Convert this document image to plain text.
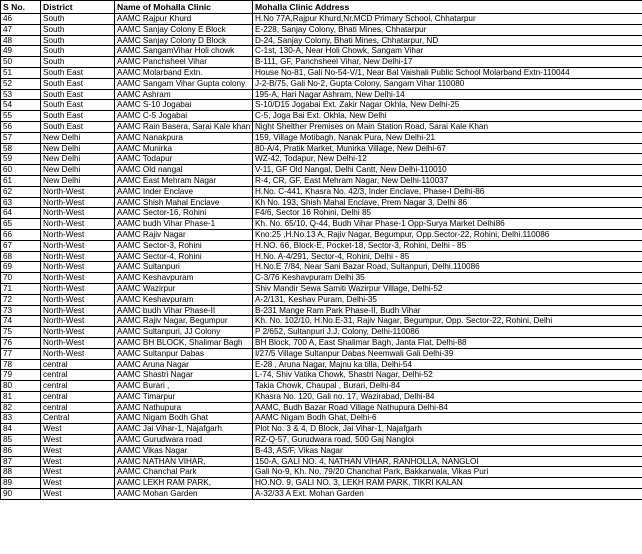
S No.	District	Name of Mohalla Clinic	Mohalla Clinic Address
46	South	AAMC Rajpur Khurd	H.No 77A,Rajpur Khurd,Nr.MCD Primary School, Chhatarpur
47	South	AAMC Sanjay Colony E Block	E-228, Sanjay Colony, Bhati Mines, Chhatarpur
48	South	AAMC Sanjay Colony D Block	D-24, Sanjay Colony, Bhati Mines, Chhatarpur, ND
49	South	AAMC SangamVihar Holi chowk	C-1st, 130-A, Near Holi Chowk, Sangam Vihar
50	South	AAMC Panchsheel Vihar	B-111, GF, Panchsheel Vihar, New Delhi-17
51	South East	AAMC Molarband Extn.	House No-81, Gali No-54-V/1, Near Bal Vaishali Public School Molarband Extn-110044
52	South East	AAMC Sangam Vihar Gupta colony	J-2-B/75, Gali No-2, Gupta Colony, Sangam Vihar 110080
53	South East	AAMC Ashram	195-A, Hari Nagar Ashram, New Delhi-14
54	South East	AAMC S-10 Jogabai	S-10/D15 Jogabai Ext. Zakir Nagar Okhla, New Delhi-25
55	South East	AAMC C-5 Jogabai	C-5, Joga Bai Ext. Okhla, New Delhi
56	South East	AAMC Rain Basera, Sarai Kale khan	Night Shelther Premises on Main Station Road, Sarai Kale Khan
57	New Delhi	AAMC Nanakpura	159, Village Motibagh, Nanak Pura, New Delhi-21
58	New Delhi	AAMC Munirka	80-A/4, Pratik Market, Munirka Village, New Delhi-67
59	New Delhi	AAMC Todapur	WZ-42, Todapur, New Delhi-12
60	New Delhi	AAMC Old nangal	V-11, GF Old Nangal, Delhi Cantt, New Delhi-110010
61	New Delhi	AAMC East Mehram Nagar	R-4, CR, GF, East Mehram Nagar, New Delhi-110037
62	North-West	AAMC Inder Enclave	H.No. C-441, Khasra No. 42/3, Inder Enclave, Phase-I Delhi-86
63	North-West	AAMC Shish Mahal Enclave	Kh No. 193, Shish Mahal Enclave, Prem Nagar 3, Delhi 86
64	North-West	AAMC Sector-16, Rohini	F4/6, Sector 16 Rohini, Delhi 85
65	North-West	AAMC budh Vihar Phase-1	Kh. No. 65/10, Q-44, Budh Vihar Phase-1 Opp-Surya Market Delhi86
66	North-West	AAMC Rajiv Nagar	Kno:25 ,H.No.13 A, Rajiv Nagar, Begumpur, Opp.Sector-22, Rohini, Delhi.110086
67	North-West	AAMC Sector-3, Rohini	H.NO. 66, Block-E, Pocket-18, Sector-3, Rohini, Delhi - 85
68	North-West	AAMC Sector-4, Rohini	H.No. A-4/291, Sector-4, Rohini, Delhi - 85
69	North-West	AAMC Sultanpuri	H.No.E 7/84, Near Sani Bazar Road, Sultanpuri, Delhi.110086
70	North-West	AAMC Keshavpuram	C-3/76 Keshavpuram Delhi 35
71	North-West	AAMC Wazirpur	Shiv Mandir Sewa Samiti Wazirpur Village, Delhi-52
72	North-West	AAMC Keshavpuram	A-2/131, Keshav Puram, Delhi-35
73	North-West	AAMC budh Vihar Phase-II	B-231 Mange Ram Park Phase-II, Budh Vihar
74	North-West	AAMC Rajiv Nagar, Begumpur	Kh. No. 102/10, H.No.E-31, Rajiv Nagar, Begumpur, Opp. Sector-22, Rohini, Delhi
75	North-West	AAMC Sultanpuri, JJ Colony	P 2/652, Sultanpuri J.J. Colony, Delhi-110086
76	North-West	AAMC BH BLOCK, Shalimar Bagh	BH Block, 700 A, East Shalimar Bagh, Janta Flat, Delhi-88
77	North-West	AAMC Sultanpur Dabas	I/27/5 Village Sultanpur Dabas Neemwali Gali Delhi-39
78	central	AAMC Aruna Nagar	E-28 , Aruna Nagar, Majnu ka tilla, Delhi-54
79	central	AAMC Shastri Nagar	L-74, Shiv Vatika Chowk, Shastri Nagar, Delhi-52
80	central	AAMC Burari ,	Takia Chowk, Chaupal , Burari, Delhi-84
81	central	AAMC Timarpur	Khasra No. 120, Gali no. 17, Wazirabad, Delhi-84
82	central	AAMC Nathupura	AAMC, Budh Bazar Road Village Nathupura Delhi-84
83	Central	AAMC Nigam Bodh Ghat	AAMC Nigam Bodh Ghat, Delhi-6
84	West	AAMC Jai Vihar-1, Najafgarh	Plot No. 3 & 4, D Block, Jai Vihar-1, Najafgarh
85	West	AAMC Gurudwara road	RZ-Q-57, Gurudwara road, 500 Gaj Nangloi
86	West	AAMC Vikas Nagar	B-43, AS/F, Vikas Nagar
87	West	AAMC NATHAN VIHAR,	150-A, GALI NO. 4, NATHAN VIHAR, RANHOLLA, NANGLOI
88	West	AAMC Chanchal Park	Gali No-9, Kh. No. 79/20 Chanchal Park, Bakkarwala, Vikas Puri
89	West	AAMC LEKH RAM PARK,	HO.NO. 9, GALI NO. 3, LEKH RAM PARK, TIKRI KALAN
90	West	AAMC Mohan Garden	A-32/33 A Ext. Mohan Garden
